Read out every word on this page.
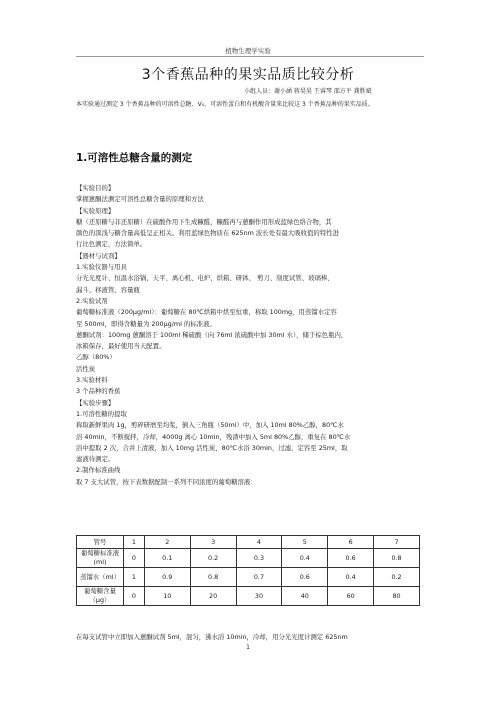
植物生理学实验
3个香蕉品种的果实品质比较分析
小组人员：谢小涵 蒋昊昊 王睿琴 邵方平 龚胜斌
本实验通过测定 3 个香蕉品种的可溶性总糖、V₀、可溶性蛋白和有机酸含量来比较这 3 个香蕉品种的果实品质。
1.可溶性总糖含量的测定
【实验目的】
掌握蒽酮法测定可溶性总糖含量的原理和方法
【实验原理】
糖（还原糖与非还原糖）在硫酸作用下生成糠醛，糠醛再与蒽酮作用形成蓝绿色络合物，其
颜色的深浅与糖含量高低呈正相关。利用蓝绿色物质在 625nm 波长处有最大吸收值的特性进
行比色测定，方法简单。
【器材与试剂】
1.实验仪器与用具
分光光度计、恒温水浴锅、天平、离心机、电炉、烘箱、研钵、 剪刀、刻度试管、玻璃棒、
漏斗、移液管、容量瓶
2.实验试剂
葡萄糖标准液（200μg/ml）：葡萄糖在 80℃烘箱中烘至恒重，称取 100mg，用蒸馏水定容
至 500ml，即得含糖量为 200μg/ml 的标准液。
蒽酮试剂：100mg 蒽酮溶于 100ml 稀硫酸（向 76ml 浓硫酸中加 30ml 水），储于棕色瓶内，
冰箱保存，最好使用当天配置。
乙醇（80%）
活性炭
3.实验材料
3 个品种的香蕉
【实验步骤】
1.可溶性糖的提取
称取新鲜果肉 1g，剪碎研磨至均浆，倒入三角瓶（50ml）中，加入 10ml 80%乙醇，80℃水
浴 40min，不断搅拌，冷却，4000g 离心 10min，残渣中加入 5ml 80%乙醇，重复在 80℃水
浴中提取 2 次，合并上清液，加入 10mg 活性炭，80℃水浴 30min，过滤，定容至 25ml，取
滤液待测定。
2.制作标准曲线
取 7 支大试管，按下表数据配制一系列不同浓度的葡萄糖溶液：
管号	1	2	3	4	5	6	7
葡萄糖标准液(ml)	0	0.1	0.2	0.3	0.4	0.6	0.8
蒸馏水（ml）	1	0.9	0.8	0.7	0.6	0.4	0.2
葡萄糖含量（μg）	0	10	20	30	40	60	80
在每支试管中立即加入蒽酮试剂 5ml，混匀，沸水浴 10min，冷却，用分光光度计测定 625nm
1
